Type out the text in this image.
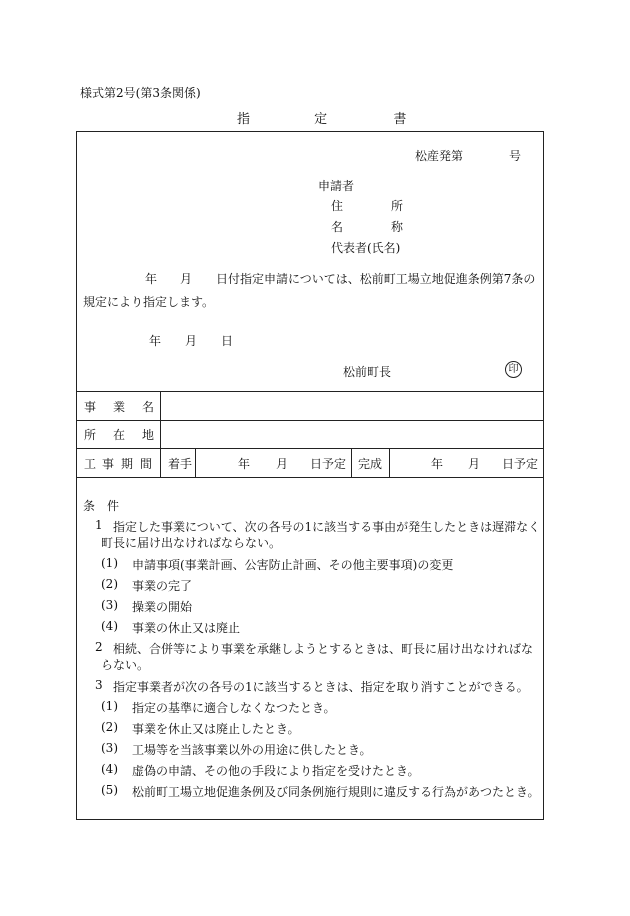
様式第2号(第3条関係)
指	定	書
松産発第	号
申請者
住	所
名	称
代表者(氏名)
年 月 日付指定申請については、松前町工場立地促進条例第7条の
規定により指定します。
年 月 日
松前町長	印
事 業 名
所 在 地
工 事 期 間 着手	年 月 日予定 完成	年 月 日予定
条 件
1 指定した事業について、次の各号の1に該当する事由が発生したときは遅滞なく
町長に届け出なければならない。
(1) 申請事項(事業計画、公害防止計画、その他主要事項)の変更
(2) 事業の完了
(3) 操業の開始
(4) 事業の休止又は廃止
2 相続、合併等により事業を承継しようとするときは、町長に届け出なければな
らない。
3 指定事業者が次の各号の1に該当するときは、指定を取り消すことができる。
(1) 指定の基準に適合しなくなつたとき。
(2) 事業を休止又は廃止したとき。
(3) 工場等を当該事業以外の用途に供したとき。
(4) 虚偽の申請、その他の手段により指定を受けたとき。
(5) 松前町工場立地促進条例及び同条例施行規則に違反する行為があつたとき。
